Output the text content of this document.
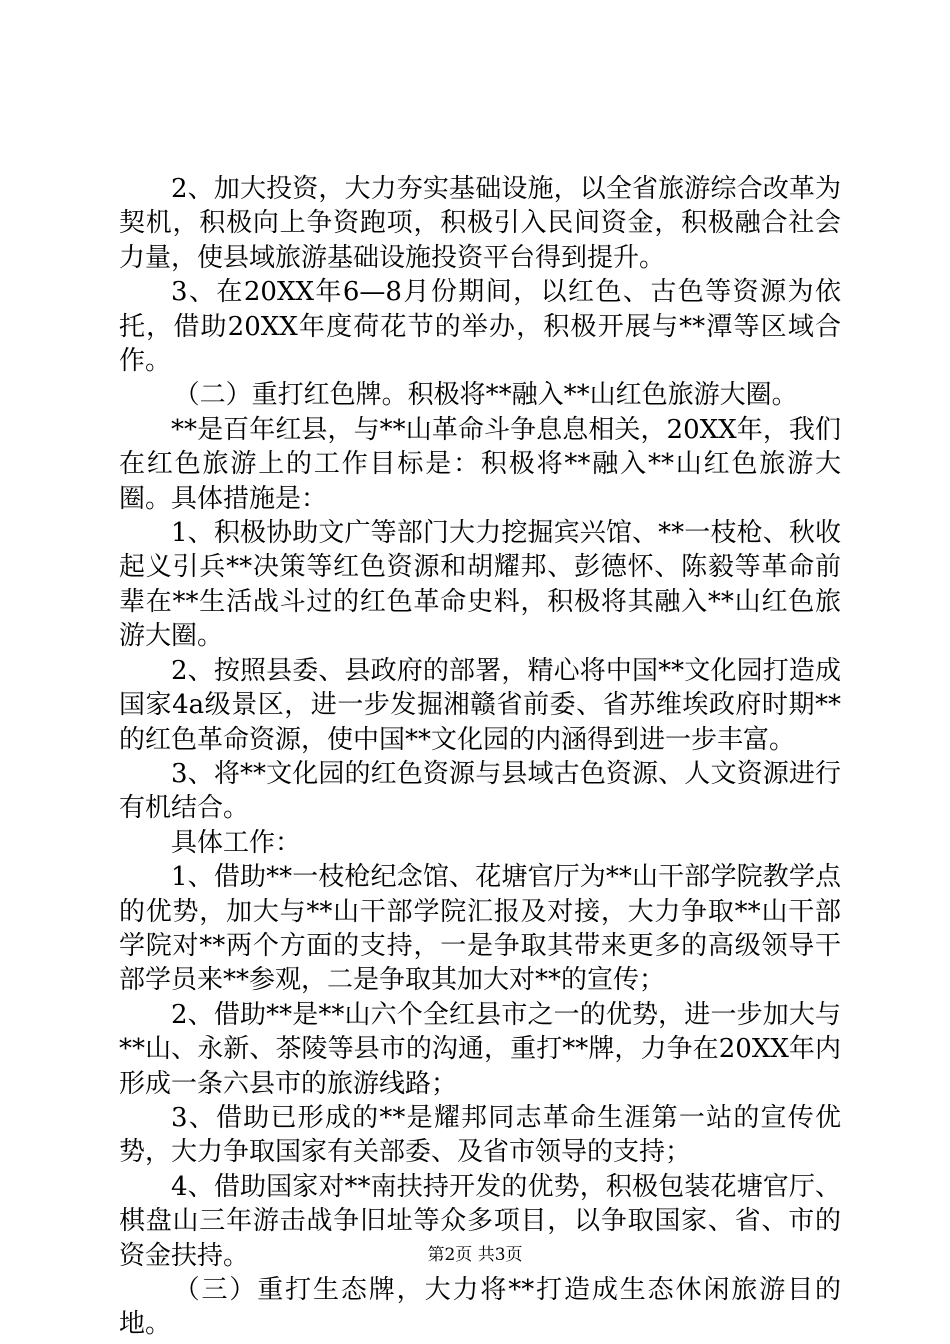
2、加大投资，大力夯实基础设施，以全省旅游综合改革为契机，积极向上争资跑项，积极引入民间资金，积极融合社会力量，使县域旅游基础设施投资平台得到提升。

3、在20XX年6—8月份期间，以红色、古色等资源为依托，借助20XX年度荷花节的举办，积极开展与**潭等区域合作。

（二）重打红色牌。积极将**融入**山红色旅游大圈。

**是百年红县，与**山革命斗争息息相关，20XX年，我们在红色旅游上的工作目标是：积极将**融入**山红色旅游大圈。具体措施是：

1、积极协助文广等部门大力挖掘宾兴馆、**一枝枪、秋收起义引兵**决策等红色资源和胡耀邦、彭德怀、陈毅等革命前辈在**生活战斗过的红色革命史料，积极将其融入**山红色旅游大圈。

2、按照县委、县政府的部署，精心将中国**文化园打造成国家4a级景区，进一步发掘湘赣省前委、省苏维埃政府时期**的红色革命资源，使中国**文化园的内涵得到进一步丰富。

3、将**文化园的红色资源与县域古色资源、人文资源进行有机结合。

具体工作：

1、借助**一枝枪纪念馆、花塘官厅为**山干部学院教学点的优势，加大与**山干部学院汇报及对接，大力争取**山干部学院对**两个方面的支持，一是争取其带来更多的高级领导干部学员来**参观，二是争取其加大对**的宣传；

2、借助**是**山六个全红县市之一的优势，进一步加大与**山、永新、茶陵等县市的沟通，重打**牌，力争在20XX年内形成一条六县市的旅游线路；

3、借助已形成的**是耀邦同志革命生涯第一站的宣传优势，大力争取国家有关部委、及省市领导的支持；

4、借助国家对**南扶持开发的优势，积极包装花塘官厅、棋盘山三年游击战争旧址等众多项目，以争取国家、省、市的资金扶持。

（三）重打生态牌，大力将**打造成生态休闲旅游目的地。

第2页 共3页
